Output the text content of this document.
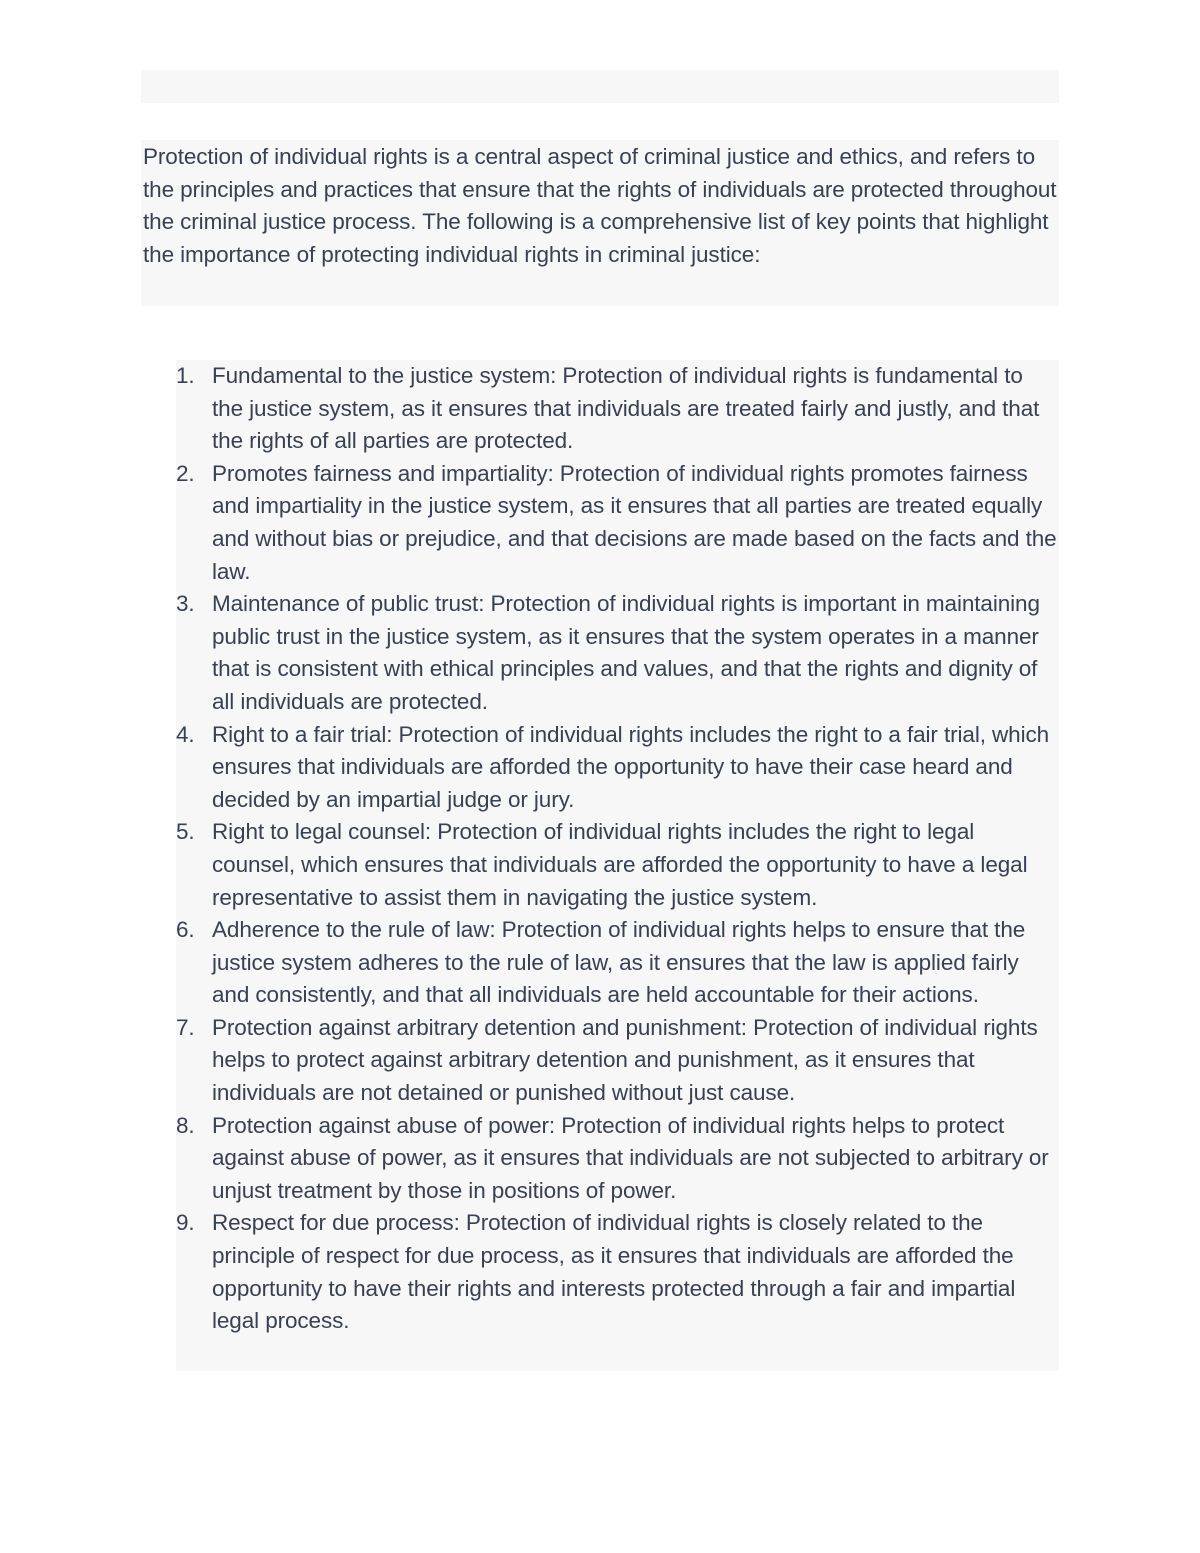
Protection of individual rights is a central aspect of criminal justice and ethics, and refers to the principles and practices that ensure that the rights of individuals are protected throughout the criminal justice process. The following is a comprehensive list of key points that highlight the importance of protecting individual rights in criminal justice:

1. Fundamental to the justice system: Protection of individual rights is fundamental to the justice system, as it ensures that individuals are treated fairly and justly, and that the rights of all parties are protected.
2. Promotes fairness and impartiality: Protection of individual rights promotes fairness and impartiality in the justice system, as it ensures that all parties are treated equally and without bias or prejudice, and that decisions are made based on the facts and the law.
3. Maintenance of public trust: Protection of individual rights is important in maintaining public trust in the justice system, as it ensures that the system operates in a manner that is consistent with ethical principles and values, and that the rights and dignity of all individuals are protected.
4. Right to a fair trial: Protection of individual rights includes the right to a fair trial, which ensures that individuals are afforded the opportunity to have their case heard and decided by an impartial judge or jury.
5. Right to legal counsel: Protection of individual rights includes the right to legal counsel, which ensures that individuals are afforded the opportunity to have a legal representative to assist them in navigating the justice system.
6. Adherence to the rule of law: Protection of individual rights helps to ensure that the justice system adheres to the rule of law, as it ensures that the law is applied fairly and consistently, and that all individuals are held accountable for their actions.
7. Protection against arbitrary detention and punishment: Protection of individual rights helps to protect against arbitrary detention and punishment, as it ensures that individuals are not detained or punished without just cause.
8. Protection against abuse of power: Protection of individual rights helps to protect against abuse of power, as it ensures that individuals are not subjected to arbitrary or unjust treatment by those in positions of power.
9. Respect for due process: Protection of individual rights is closely related to the principle of respect for due process, as it ensures that individuals are afforded the opportunity to have their rights and interests protected through a fair and impartial legal process.
